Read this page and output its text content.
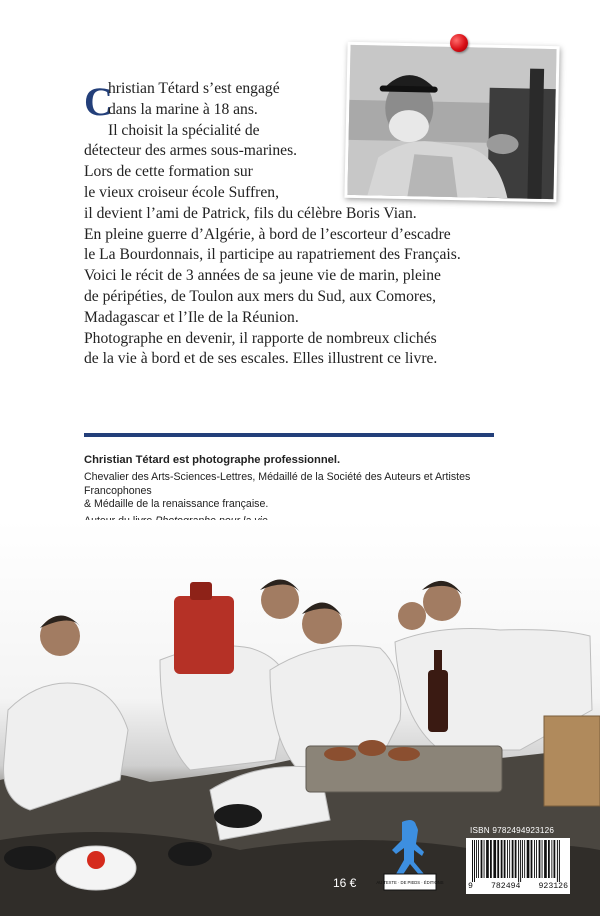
C

hristian Tétard s’est engagé

dans la marine à 18 ans.

Il choisit la spécialité de

détecteur des armes sous-marines.

Lors de cette formation sur

le vieux croiseur école Suffren,

il devient l’ami de Patrick, fils du célèbre Boris Vian.

En pleine guerre d’Algérie, à bord de l’escorteur d’escadre

le La Bourdonnais, il participe au rapatriement des Français.

Voici le récit de 3 années de sa jeune vie de marin, pleine

de péripéties, de Toulon aux mers du Sud, aux Comores,

Madagascar et l’Ile de la Réunion.

Photographe en devenir, il rapporte de nombreux clichés

de la vie à bord et de ses escales. Elles illustrent ce livre.

Christian Tétard est photographe professionnel.

Chevalier des Arts-Sciences-Lettres, Médaillé de la Société des Auteurs et Artistes Francophones
& Médaille de la renaissance française.

AU TEXTE · DE PIEDS · ÉDITIONS
16 €
ISBN 9782494923126
9 782494 923126
